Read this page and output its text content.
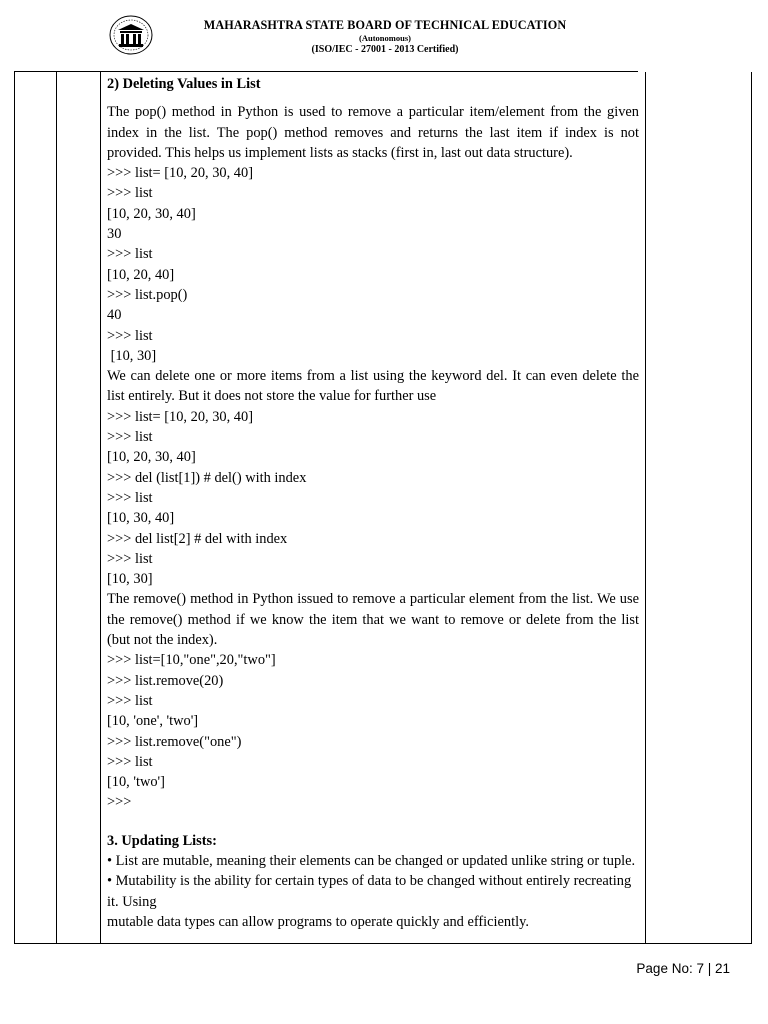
MAHARASHTRA STATE BOARD OF TECHNICAL EDUCATION
(Autonomous)
(ISO/IEC - 27001 - 2013 Certified)

2) Deleting Values in List

The pop() method in Python is used to remove a particular item/element from the given index in the list. The pop() method removes and returns the last item if index is not provided. This helps us implement lists as stacks (first in, last out data structure).

>>> list= [10, 20, 30, 40]
>>> list
[10, 20, 30, 40]
30
>>> list
[10, 20, 40]
>>> list.pop()
40
>>> list
[10, 30]

We can delete one or more items from a list using the keyword del. It can even delete the list entirely. But it does not store the value for further use

>>> list= [10, 20, 30, 40]
>>> list
[10, 20, 30, 40]
>>> del (list[1]) # del() with index
>>> list
[10, 30, 40]
>>> del list[2] # del with index
>>> list
[10, 30]

The remove() method in Python issued to remove a particular element from the list. We use the remove() method if we know the item that we want to remove or delete from the list (but not the index).

>>> list=[10,"one",20,"two"]
>>> list.remove(20)
>>> list
[10, 'one', 'two']
>>> list.remove("one")
>>> list
[10, 'two']
>>>

3. Updating Lists:

• List are mutable, meaning their elements can be changed or updated unlike string or tuple.

• Mutability is the ability for certain types of data to be changed without entirely recreating it. Using

mutable data types can allow programs to operate quickly and efficiently.

Page No: 7 | 21
